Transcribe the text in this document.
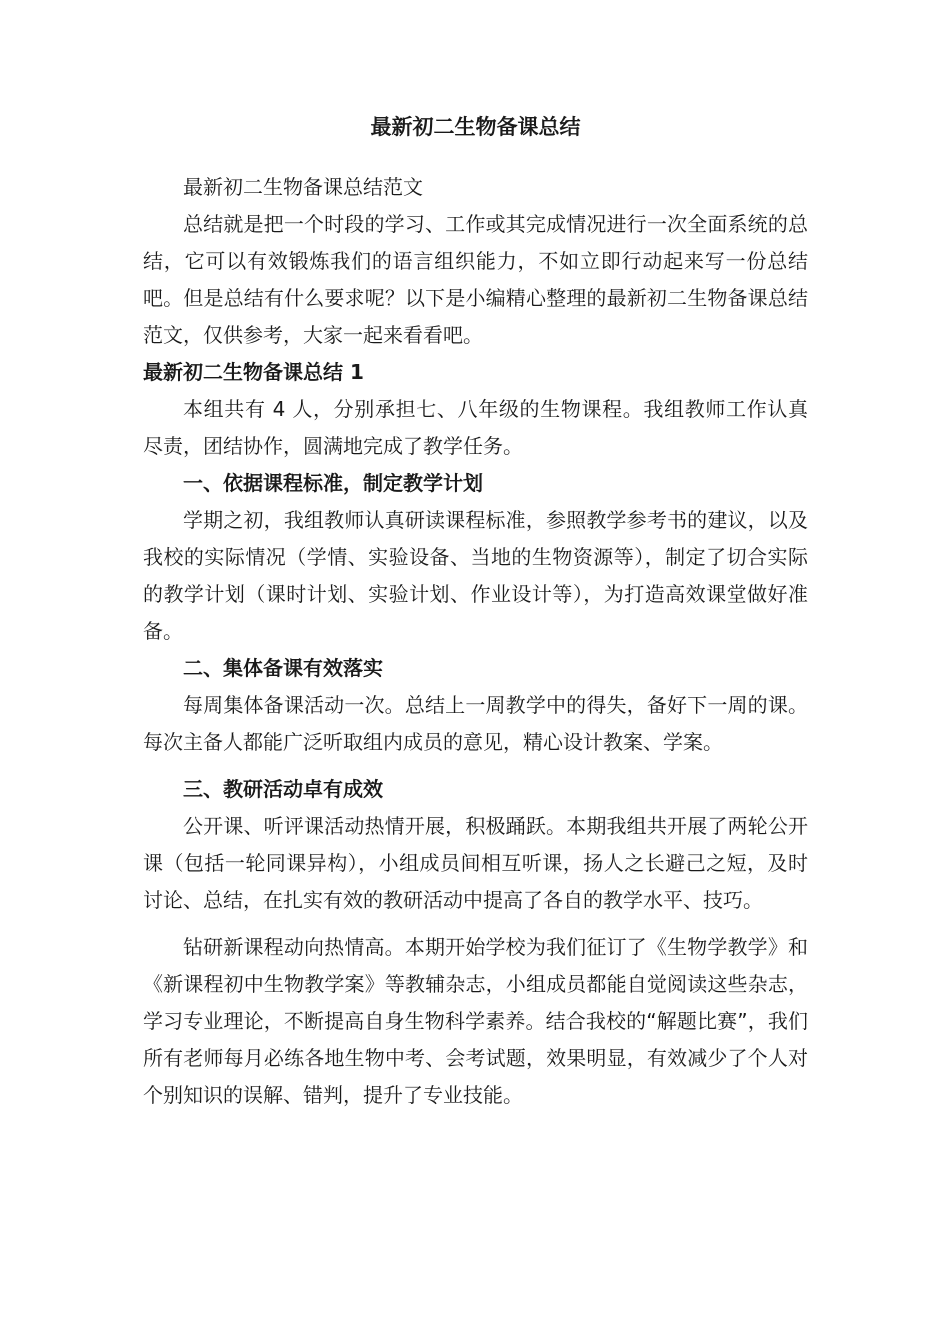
最新初二生物备课总结

最新初二生物备课总结范文

总结就是把一个时段的学习、工作或其完成情况进行一次全面系统的总结，它可以有效锻炼我们的语言组织能力，不如立即行动起来写一份总结吧。但是总结有什么要求呢？以下是小编精心整理的最新初二生物备课总结范文，仅供参考，大家一起来看看吧。

最新初二生物备课总结 1

本组共有 4 人，分别承担七、八年级的生物课程。我组教师工作认真尽责，团结协作，圆满地完成了教学任务。

一、依据课程标准，制定教学计划

学期之初，我组教师认真研读课程标准，参照教学参考书的建议，以及我校的实际情况（学情、实验设备、当地的生物资源等），制定了切合实际的教学计划（课时计划、实验计划、作业设计等），为打造高效课堂做好准备。

二、集体备课有效落实

每周集体备课活动一次。总结上一周教学中的得失，备好下一周的课。每次主备人都能广泛听取组内成员的意见，精心设计教案、学案。

三、教研活动卓有成效

公开课、听评课活动热情开展，积极踊跃。本期我组共开展了两轮公开课（包括一轮同课异构），小组成员间相互听课，扬人之长避己之短，及时讨论、总结，在扎实有效的教研活动中提高了各自的教学水平、技巧。

钻研新课程动向热情高。本期开始学校为我们征订了《生物学教学》和《新课程初中生物教学案》等教辅杂志，小组成员都能自觉阅读这些杂志，学习专业理论，不断提高自身生物科学素养。结合我校的“解题比赛”，我们所有老师每月必练各地生物中考、会考试题，效果明显，有效减少了个人对个别知识的误解、错判，提升了专业技能。
